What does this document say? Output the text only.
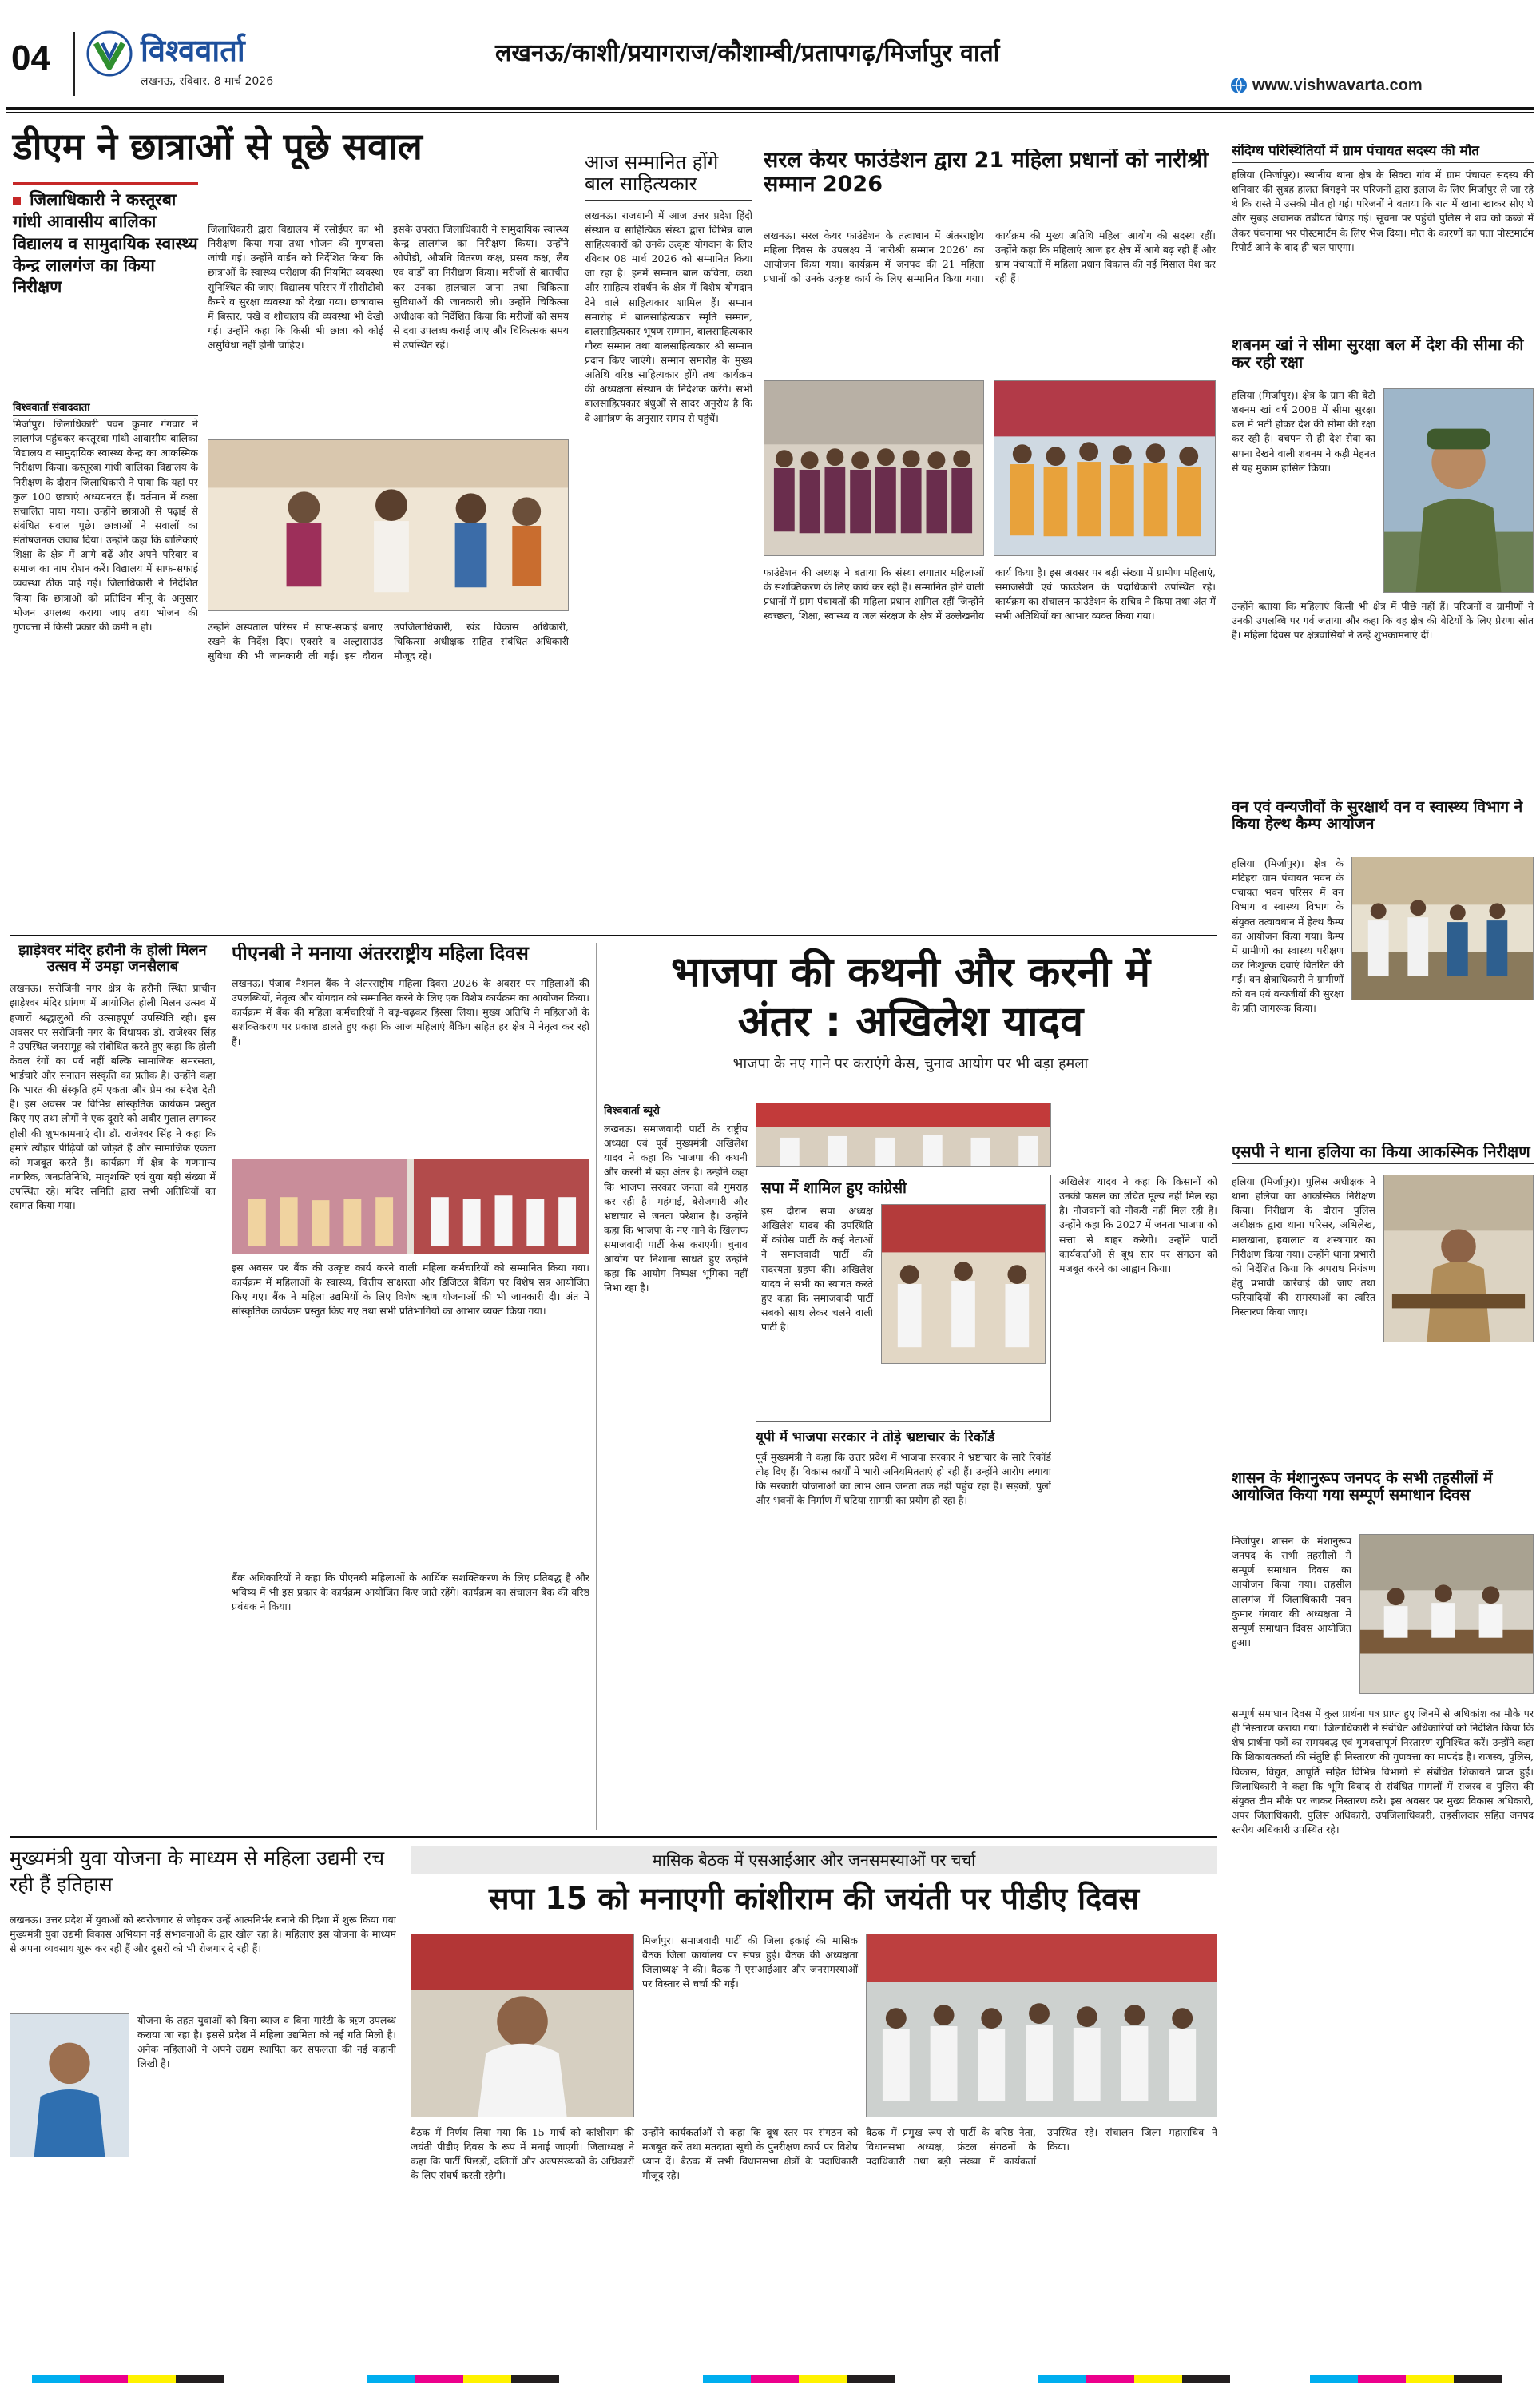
04	विश्ववार्ता
लखनऊ, रविवार, 8 मार्च 2026
लखनऊ/काशी/प्रयागराज/कौशाम्बी/प्रतापगढ़/मिर्जापुर वार्ता
www.vishwavarta.com
डीएम ने छात्राओं से पूछे सवाल
जिलाधिकारी ने कस्तूरबा गांधी आवासीय बालिका विद्यालय व सामुदायिक स्वास्थ्य केन्द्र लालगंज का किया निरीक्षण
विश्ववार्ता संवाददाता
मिर्जापुर। जिलाधिकारी पवन कुमार गंगवार ने लालगंज पहुंचकर कस्तूरबा गांधी आवासीय बालिका विद्यालय व सामुदायिक स्वास्थ्य केन्द्र का आकस्मिक निरीक्षण किया। कस्तूरबा गांधी बालिका विद्यालय के निरीक्षण के दौरान जिलाधिकारी ने पाया कि यहां पर कुल 100 छात्राएं अध्ययनरत हैं। वर्तमान में कक्षा संचालित पाया गया। उन्होंने छात्राओं से पढ़ाई से संबंधित सवाल पूछे। छात्राओं ने सवालों का संतोषजनक जवाब दिया। उन्होंने कहा कि बालिकाएं शिक्षा के क्षेत्र में आगे बढ़ें और अपने परिवार व समाज का नाम रोशन करें। विद्यालय में साफ-सफाई व्यवस्था ठीक पाई गई। जिलाधिकारी ने निर्देशित किया कि छात्राओं को प्रतिदिन मीनू के अनुसार भोजन उपलब्ध कराया जाए तथा भोजन की गुणवत्ता में किसी प्रकार की कमी न हो।
जिलाधिकारी द्वारा विद्यालय में रसोईघर का भी निरीक्षण किया गया तथा भोजन की गुणवत्ता जांची गई। उन्होंने वार्डन को निर्देशित किया कि छात्राओं के स्वास्थ्य परीक्षण की नियमित व्यवस्था सुनिश्चित की जाए। विद्यालय परिसर में सीसीटीवी कैमरे व सुरक्षा व्यवस्था को देखा गया। छात्रावास में बिस्तर, पंखे व शौचालय की व्यवस्था भी देखी गई। उन्होंने कहा कि किसी भी छात्रा को कोई असुविधा नहीं होनी चाहिए।
इसके उपरांत जिलाधिकारी ने सामुदायिक स्वास्थ्य केन्द्र लालगंज का निरीक्षण किया। उन्होंने ओपीडी, औषधि वितरण कक्ष, प्रसव कक्ष, लैब एवं वार्डों का निरीक्षण किया। मरीजों से बातचीत कर उनका हालचाल जाना तथा चिकित्सा सुविधाओं की जानकारी ली। उन्होंने चिकित्सा अधीक्षक को निर्देशित किया कि मरीजों को समय से दवा उपलब्ध कराई जाए और चिकित्सक समय से उपस्थित रहें।
उन्होंने अस्पताल परिसर में साफ-सफाई बनाए रखने के निर्देश दिए। एक्सरे व अल्ट्रासाउंड सुविधा की भी जानकारी ली गई। इस दौरान उपजिलाधिकारी, खंड विकास अधिकारी, चिकित्सा अधीक्षक सहित संबंधित अधिकारी मौजूद रहे।
आज सम्मानित होंगे बाल साहित्यकार
लखनऊ। राजधानी में आज उत्तर प्रदेश हिंदी संस्थान व साहित्यिक संस्था द्वारा विभिन्न बाल साहित्यकारों को उनके उत्कृष्ट योगदान के लिए रविवार 08 मार्च 2026 को सम्मानित किया जा रहा है। इनमें सम्मान बाल कविता, कथा और साहित्य संवर्धन के क्षेत्र में विशेष योगदान देने वाले साहित्यकार शामिल हैं। सम्मान समारोह में बालसाहित्यकार स्मृति सम्मान, बालसाहित्यकार भूषण सम्मान, बालसाहित्यकार गौरव सम्मान तथा बालसाहित्यकार श्री सम्मान प्रदान किए जाएंगे। सम्मान समारोह के मुख्य अतिथि वरिष्ठ साहित्यकार होंगे तथा कार्यक्रम की अध्यक्षता संस्थान के निदेशक करेंगे। सभी बालसाहित्यकार बंधुओं से सादर अनुरोध है कि वे आमंत्रण के अनुसार समय से पहुंचें।
सरल केयर फाउंडेशन द्वारा 21 महिला प्रधानों को नारीश्री सम्मान 2026
लखनऊ। सरल केयर फाउंडेशन के तत्वाधान में अंतरराष्ट्रीय महिला दिवस के उपलक्ष्य में ‘नारीश्री सम्मान 2026’ का आयोजन किया गया। कार्यक्रम में जनपद की 21 महिला प्रधानों को उनके उत्कृष्ट कार्य के लिए सम्मानित किया गया। कार्यक्रम की मुख्य अतिथि महिला आयोग की सदस्य रहीं। उन्होंने कहा कि महिलाएं आज हर क्षेत्र में आगे बढ़ रही हैं और ग्राम पंचायतों में महिला प्रधान विकास की नई मिसाल पेश कर रही हैं।
फाउंडेशन की अध्यक्ष ने बताया कि संस्था लगातार महिलाओं के सशक्तिकरण के लिए कार्य कर रही है। सम्मानित होने वाली प्रधानों में ग्राम पंचायतों की महिला प्रधान शामिल रहीं जिन्होंने स्वच्छता, शिक्षा, स्वास्थ्य व जल संरक्षण के क्षेत्र में उल्लेखनीय कार्य किया है। इस अवसर पर बड़ी संख्या में ग्रामीण महिलाएं, समाजसेवी एवं फाउंडेशन के पदाधिकारी उपस्थित रहे। कार्यक्रम का संचालन फाउंडेशन के सचिव ने किया तथा अंत में सभी अतिथियों का आभार व्यक्त किया गया।
संदिग्ध परिस्थितियों में ग्राम पंचायत सदस्य की मौत
हलिया (मिर्जापुर)। स्थानीय थाना क्षेत्र के सिक्टा गांव में ग्राम पंचायत सदस्य की शनिवार की सुबह हालत बिगड़ने पर परिजनों द्वारा इलाज के लिए मिर्जापुर ले जा रहे थे कि रास्ते में उसकी मौत हो गई। परिजनों ने बताया कि रात में खाना खाकर सोए थे और सुबह अचानक तबीयत बिगड़ गई। सूचना पर पहुंची पुलिस ने शव को कब्जे में लेकर पंचनामा भर पोस्टमार्टम के लिए भेज दिया। मौत के कारणों का पता पोस्टमार्टम रिपोर्ट आने के बाद ही चल पाएगा।
शबनम खां ने सीमा सुरक्षा बल में देश की सीमा की कर रही रक्षा
हलिया (मिर्जापुर)। क्षेत्र के ग्राम की बेटी शबनम खां वर्ष 2008 में सीमा सुरक्षा बल में भर्ती होकर देश की सीमा की रक्षा कर रही है। बचपन से ही देश सेवा का सपना देखने वाली शबनम ने कड़ी मेहनत से यह मुकाम हासिल किया।
उन्होंने बताया कि महिलाएं किसी भी क्षेत्र में पीछे नहीं हैं। परिजनों व ग्रामीणों ने उनकी उपलब्धि पर गर्व जताया और कहा कि वह क्षेत्र की बेटियों के लिए प्रेरणा स्रोत हैं। महिला दिवस पर क्षेत्रवासियों ने उन्हें शुभकामनाएं दीं।
वन एवं वन्यजीवों के सुरक्षार्थ वन व स्वास्थ्य विभाग ने किया हेल्थ कैम्प आयोजन
हलिया (मिर्जापुर)। क्षेत्र के मटिहरा ग्राम पंचायत भवन के पंचायत भवन परिसर में वन विभाग व स्वास्थ्य विभाग के संयुक्त तत्वावधान में हेल्थ कैम्प का आयोजन किया गया। कैम्प में ग्रामीणों का स्वास्थ्य परीक्षण कर निःशुल्क दवाएं वितरित की गईं। वन क्षेत्राधिकारी ने ग्रामीणों को वन एवं वन्यजीवों की सुरक्षा के प्रति जागरूक किया।
एसपी ने थाना हलिया का किया आकस्मिक निरीक्षण
हलिया (मिर्जापुर)। पुलिस अधीक्षक ने थाना हलिया का आकस्मिक निरीक्षण किया। निरीक्षण के दौरान पुलिस अधीक्षक द्वारा थाना परिसर, अभिलेख, मालखाना, हवालात व शस्त्रागार का निरीक्षण किया गया। उन्होंने थाना प्रभारी को निर्देशित किया कि अपराध नियंत्रण हेतु प्रभावी कार्रवाई की जाए तथा फरियादियों की समस्याओं का त्वरित निस्तारण किया जाए।
शासन के मंशानुरूप जनपद के सभी तहसीलों में आयोजित किया गया सम्पूर्ण समाधान दिवस
मिर्जापुर। शासन के मंशानुरूप जनपद के सभी तहसीलों में सम्पूर्ण समाधान दिवस का आयोजन किया गया। तहसील लालगंज में जिलाधिकारी पवन कुमार गंगवार की अध्यक्षता में सम्पूर्ण समाधान दिवस आयोजित हुआ।
सम्पूर्ण समाधान दिवस में कुल प्रार्थना पत्र प्राप्त हुए जिनमें से अधिकांश का मौके पर ही निस्तारण कराया गया। जिलाधिकारी ने संबंधित अधिकारियों को निर्देशित किया कि शेष प्रार्थना पत्रों का समयबद्ध एवं गुणवत्तापूर्ण निस्तारण सुनिश्चित करें। उन्होंने कहा कि शिकायतकर्ता की संतुष्टि ही निस्तारण की गुणवत्ता का मापदंड है। राजस्व, पुलिस, विकास, विद्युत, आपूर्ति सहित विभिन्न विभागों से संबंधित शिकायतें प्राप्त हुईं। जिलाधिकारी ने कहा कि भूमि विवाद से संबंधित मामलों में राजस्व व पुलिस की संयुक्त टीम मौके पर जाकर निस्तारण करे। इस अवसर पर मुख्य विकास अधिकारी, अपर जिलाधिकारी, पुलिस अधिकारी, उपजिलाधिकारी, तहसीलदार सहित जनपद स्तरीय अधिकारी उपस्थित रहे।
झाड़ेश्वर मंदिर हरौनी के होली मिलन उत्सव में उमड़ा जनसैलाब
लखनऊ। सरोजिनी नगर क्षेत्र के हरौनी स्थित प्राचीन झाड़ेश्वर मंदिर प्रांगण में आयोजित होली मिलन उत्सव में हजारों श्रद्धालुओं की उत्साहपूर्ण उपस्थिति रही। इस अवसर पर सरोजिनी नगर के विधायक डॉ. राजेश्वर सिंह ने उपस्थित जनसमूह को संबोधित करते हुए कहा कि होली केवल रंगों का पर्व नहीं बल्कि सामाजिक समरसता, भाईचारे और सनातन संस्कृति का प्रतीक है। उन्होंने कहा कि भारत की संस्कृति हमें एकता और प्रेम का संदेश देती है। इस अवसर पर विभिन्न सांस्कृतिक कार्यक्रम प्रस्तुत किए गए तथा लोगों ने एक-दूसरे को अबीर-गुलाल लगाकर होली की शुभकामनाएं दीं। डॉ. राजेश्वर सिंह ने कहा कि हमारे त्यौहार पीढ़ियों को जोड़ते हैं और सामाजिक एकता को मजबूत करते हैं। कार्यक्रम में क्षेत्र के गणमान्य नागरिक, जनप्रतिनिधि, मातृशक्ति एवं युवा बड़ी संख्या में उपस्थित रहे। मंदिर समिति द्वारा सभी अतिथियों का स्वागत किया गया।
पीएनबी ने मनाया अंतरराष्ट्रीय महिला दिवस
लखनऊ। पंजाब नैशनल बैंक ने अंतरराष्ट्रीय महिला दिवस 2026 के अवसर पर महिलाओं की उपलब्धियों, नेतृत्व और योगदान को सम्मानित करने के लिए एक विशेष कार्यक्रम का आयोजन किया। कार्यक्रम में बैंक की महिला कर्मचारियों ने बढ़-चढ़कर हिस्सा लिया। मुख्य अतिथि ने महिलाओं के सशक्तिकरण पर प्रकाश डालते हुए कहा कि आज महिलाएं बैंकिंग सहित हर क्षेत्र में नेतृत्व कर रही हैं।
इस अवसर पर बैंक की उत्कृष्ट कार्य करने वाली महिला कर्मचारियों को सम्मानित किया गया। कार्यक्रम में महिलाओं के स्वास्थ्य, वित्तीय साक्षरता और डिजिटल बैंकिंग पर विशेष सत्र आयोजित किए गए। बैंक ने महिला उद्यमियों के लिए विशेष ऋण योजनाओं की भी जानकारी दी। अंत में सांस्कृतिक कार्यक्रम प्रस्तुत किए गए तथा सभी प्रतिभागियों का आभार व्यक्त किया गया।
बैंक अधिकारियों ने कहा कि पीएनबी महिलाओं के आर्थिक सशक्तिकरण के लिए प्रतिबद्ध है और भविष्य में भी इस प्रकार के कार्यक्रम आयोजित किए जाते रहेंगे। कार्यक्रम का संचालन बैंक की वरिष्ठ प्रबंधक ने किया।
भाजपा की कथनी और करनी में अंतर : अखिलेश यादव
भाजपा के नए गाने पर कराएंगे केस, चुनाव आयोग पर भी बड़ा हमला
विश्ववार्ता ब्यूरो
लखनऊ। समाजवादी पार्टी के राष्ट्रीय अध्यक्ष एवं पूर्व मुख्यमंत्री अखिलेश यादव ने कहा कि भाजपा की कथनी और करनी में बड़ा अंतर है। उन्होंने कहा कि भाजपा सरकार जनता को गुमराह कर रही है। महंगाई, बेरोजगारी और भ्रष्टाचार से जनता परेशान है। उन्होंने कहा कि भाजपा के नए गाने के खिलाफ समाजवादी पार्टी केस कराएगी। चुनाव आयोग पर निशाना साधते हुए उन्होंने कहा कि आयोग निष्पक्ष भूमिका नहीं निभा रहा है।
अखिलेश यादव ने कहा कि किसानों को उनकी फसल का उचित मूल्य नहीं मिल रहा है। नौजवानों को नौकरी नहीं मिल रही है। उन्होंने कहा कि 2027 में जनता भाजपा को सत्ता से बाहर करेगी। उन्होंने पार्टी कार्यकर्ताओं से बूथ स्तर पर संगठन को मजबूत करने का आह्वान किया।
सपा में शामिल हुए कांग्रेसी
इस दौरान सपा अध्यक्ष अखिलेश यादव की उपस्थिति में कांग्रेस पार्टी के कई नेताओं ने समाजवादी पार्टी की सदस्यता ग्रहण की। अखिलेश यादव ने सभी का स्वागत करते हुए कहा कि समाजवादी पार्टी सबको साथ लेकर चलने वाली पार्टी है।
यूपी में भाजपा सरकार ने तोड़े भ्रष्टाचार के रिकॉर्ड
पूर्व मुख्यमंत्री ने कहा कि उत्तर प्रदेश में भाजपा सरकार ने भ्रष्टाचार के सारे रिकॉर्ड तोड़ दिए हैं। विकास कार्यों में भारी अनियमितताएं हो रही हैं। उन्होंने आरोप लगाया कि सरकारी योजनाओं का लाभ आम जनता तक नहीं पहुंच रहा है। सड़कों, पुलों और भवनों के निर्माण में घटिया सामग्री का प्रयोग हो रहा है।
मुख्यमंत्री युवा योजना के माध्यम से महिला उद्यमी रच रही हैं इतिहास
लखनऊ। उत्तर प्रदेश में युवाओं को स्वरोजगार से जोड़कर उन्हें आत्मनिर्भर बनाने की दिशा में शुरू किया गया मुख्यमंत्री युवा उद्यमी विकास अभियान नई संभावनाओं के द्वार खोल रहा है। महिलाएं इस योजना के माध्यम से अपना व्यवसाय शुरू कर रही हैं और दूसरों को भी रोजगार दे रही हैं।
योजना के तहत युवाओं को बिना ब्याज व बिना गारंटी के ऋण उपलब्ध कराया जा रहा है। इससे प्रदेश में महिला उद्यमिता को नई गति मिली है। अनेक महिलाओं ने अपने उद्यम स्थापित कर सफलता की नई कहानी लिखी है।
मासिक बैठक में एसआईआर और जनसमस्याओं पर चर्चा
सपा 15 को मनाएगी कांशीराम की जयंती पर पीडीए दिवस
मिर्जापुर। समाजवादी पार्टी की जिला इकाई की मासिक बैठक जिला कार्यालय पर संपन्न हुई। बैठक की अध्यक्षता जिलाध्यक्ष ने की। बैठक में एसआईआर और जनसमस्याओं पर विस्तार से चर्चा की गई।
बैठक में निर्णय लिया गया कि 15 मार्च को कांशीराम की जयंती पीडीए दिवस के रूप में मनाई जाएगी। जिलाध्यक्ष ने कहा कि पार्टी पिछड़ों, दलितों और अल्पसंख्यकों के अधिकारों के लिए संघर्ष करती रहेगी।
उन्होंने कार्यकर्ताओं से कहा कि बूथ स्तर पर संगठन को मजबूत करें तथा मतदाता सूची के पुनरीक्षण कार्य पर विशेष ध्यान दें। बैठक में सभी विधानसभा क्षेत्रों के पदाधिकारी मौजूद रहे।
बैठक में प्रमुख रूप से पार्टी के वरिष्ठ नेता, विधानसभा अध्यक्ष, फ्रंटल संगठनों के पदाधिकारी तथा बड़ी संख्या में कार्यकर्ता उपस्थित रहे। संचालन जिला महासचिव ने किया।
